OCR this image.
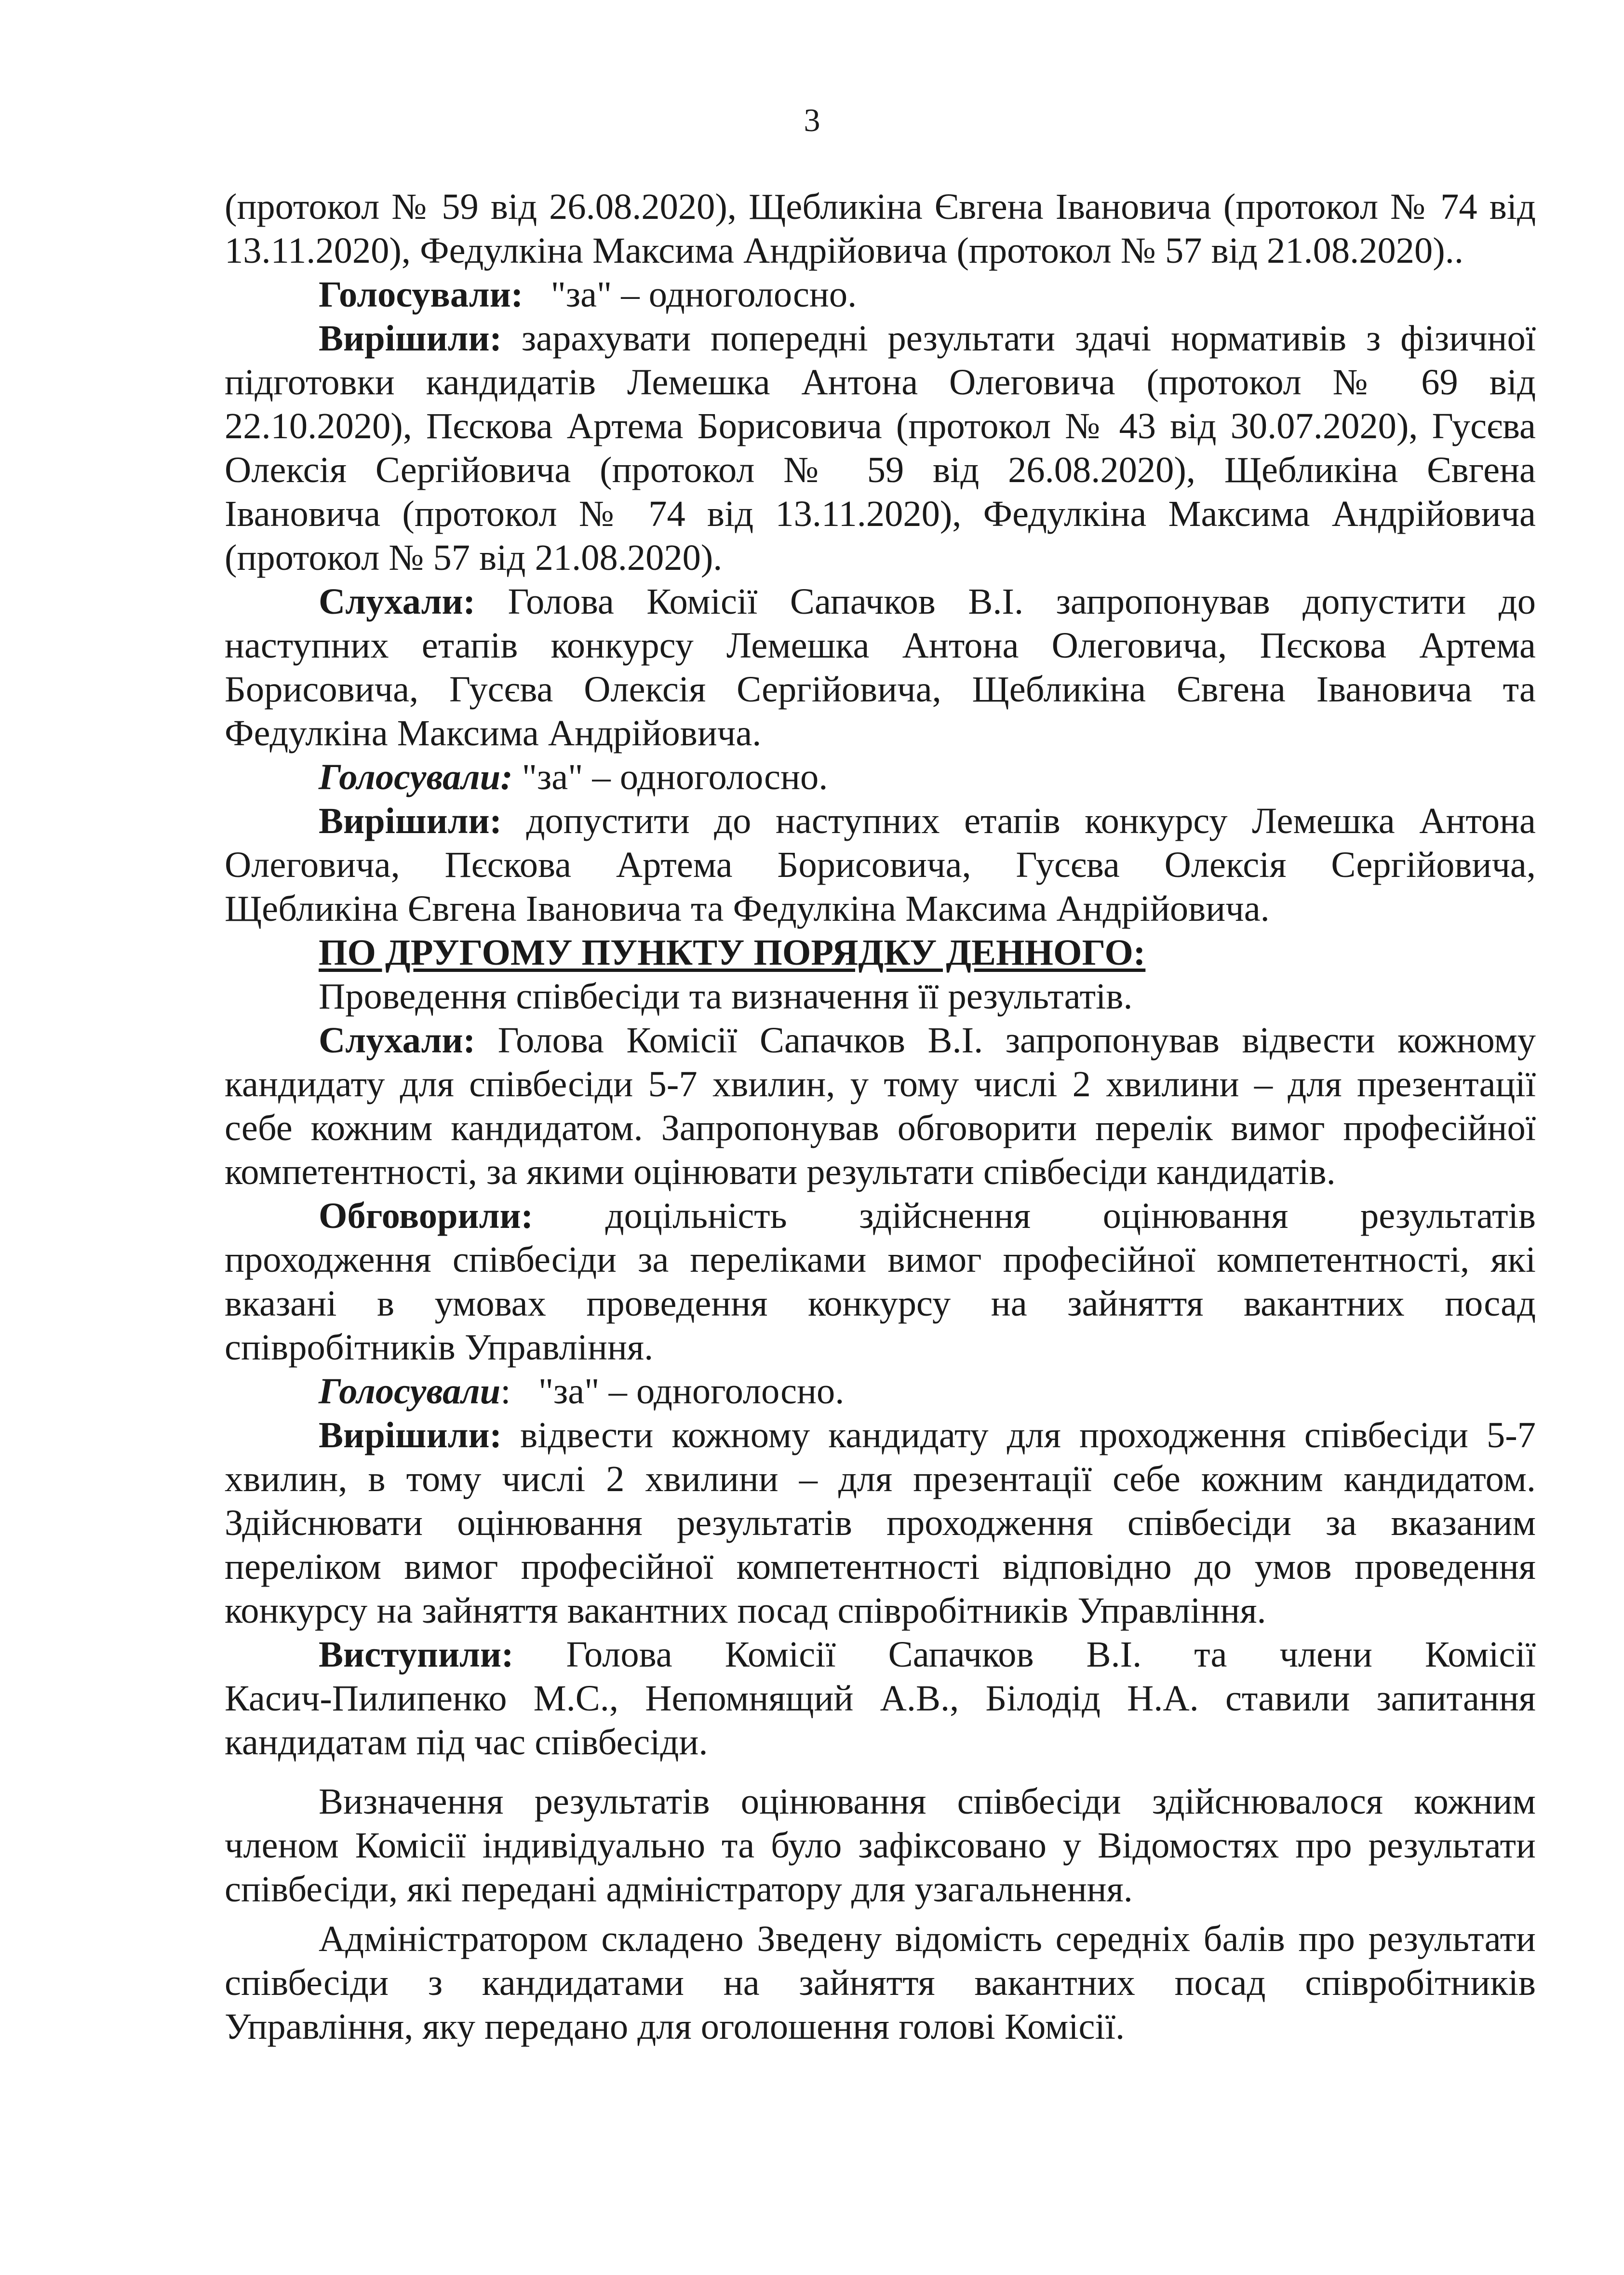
3
(протокол № 59 від 26.08.2020), Щебликіна Євгена Івановича (протокол № 74 від
13.11.2020), Федулкіна Максима Андрійовича (протокол № 57 від 21.08.2020)..
Голосували:   "за" – одноголосно.
Вирішили: зарахувати попередні результати здачі нормативів з фізичної
підготовки кандидатів Лемешка Антона Олеговича (протокол № 69 від
22.10.2020), Пєскова Артема Борисовича (протокол № 43 від 30.07.2020), Гусєва
Олексія Сергійовича (протокол № 59 від 26.08.2020), Щебликіна Євгена
Івановича (протокол № 74 від 13.11.2020), Федулкіна Максима Андрійовича
(протокол № 57 від 21.08.2020).
Слухали: Голова Комісії Сапачков В.І. запропонував допустити до
наступних етапів конкурсу Лемешка Антона Олеговича, Пєскова Артема
Борисовича, Гусєва Олексія Сергійовича, Щебликіна Євгена Івановича та
Федулкіна Максима Андрійовича.
Голосували: "за" – одноголосно.
Вирішили: допустити до наступних етапів конкурсу Лемешка Антона
Олеговича, Пєскова Артема Борисовича, Гусєва Олексія Сергійовича,
Щебликіна Євгена Івановича та Федулкіна Максима Андрійовича.
ПО ДРУГОМУ ПУНКТУ ПОРЯДКУ ДЕННОГО:
Проведення співбесіди та визначення її результатів.
Слухали: Голова Комісії Сапачков В.І. запропонував відвести кожному
кандидату для співбесіди 5-7 хвилин, у тому числі 2 хвилини – для презентації
себе кожним кандидатом. Запропонував обговорити перелік вимог професійної
компетентності, за якими оцінювати результати співбесіди кандидатів.
Обговорили: доцільність здійснення оцінювання результатів
проходження співбесіди за переліками вимог професійної компетентності, які
вказані в умовах проведення конкурсу на зайняття вакантних посад
співробітників Управління.
Голосували:   "за" – одноголосно.
Вирішили: відвести кожному кандидату для проходження співбесіди 5-7
хвилин, в тому числі 2 хвилини – для презентації себе кожним кандидатом.
Здійснювати оцінювання результатів проходження співбесіди за вказаним
переліком вимог професійної компетентності відповідно до умов проведення
конкурсу на зайняття вакантних посад співробітників Управління.
Виступили: Голова Комісії Сапачков В.І. та члени Комісії
Касич-Пилипенко М.С., Непомнящий А.В., Білодід Н.А. ставили запитання
кандидатам під час співбесіди.
Визначення результатів оцінювання співбесіди здійснювалося кожним
членом Комісії індивідуально та було зафіксовано у Відомостях про результати
співбесіди, які передані адміністратору для узагальнення.
Адміністратором складено Зведену відомість середніх балів про результати
співбесіди з кандидатами на зайняття вакантних посад співробітників
Управління, яку передано для оголошення голові Комісії.
